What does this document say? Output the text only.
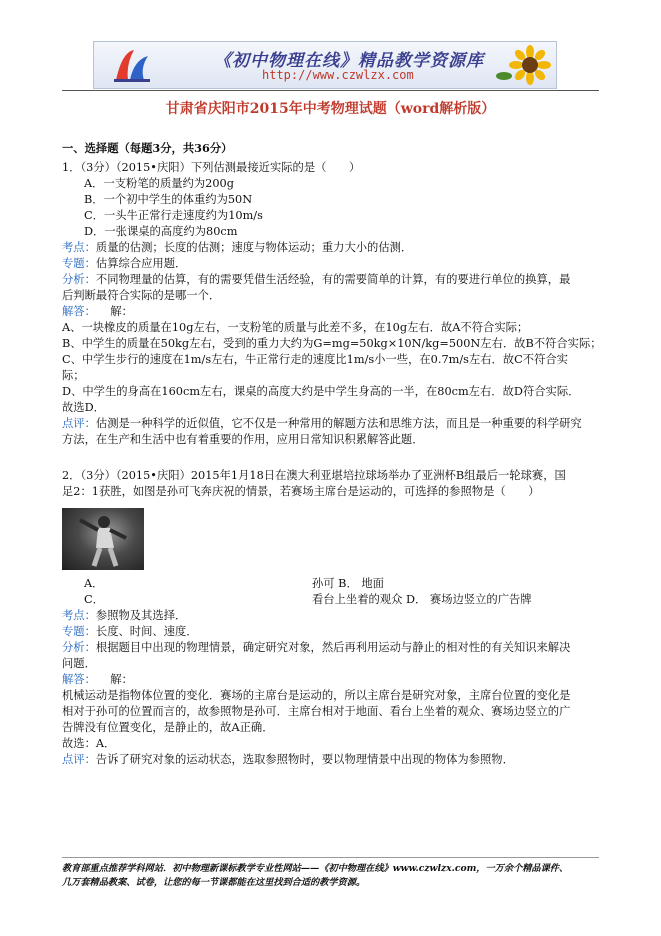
《初中物理在线》精品教学资源库
http://www.czwlzx.com
甘肃省庆阳市2015年中考物理试题（word解析版）
一、选择题（每题3分，共36分）
1．（3分）（2015•庆阳）下列估测最接近实际的是（　　）
A．一支粉笔的质量约为200g
B．一个初中学生的体重约为50N
C．一头牛正常行走速度约为10m/s
D．一张课桌的高度约为80cm
考点：质量的估测；长度的估测；速度与物体运动；重力大小的估测．
专题：估算综合应用题．
分析：不同物理量的估算，有的需要凭借生活经验，有的需要简单的计算，有的要进行单位的换算，最
后判断最符合实际的是哪一个．
解答： 解：
A、一块橡皮的质量在10g左右，一支粉笔的质量与此差不多，在10g左右．故A不符合实际；
B、中学生的质量在50kg左右，受到的重力大约为G=mg=50kg×10N/kg=500N左右．故B不符合实际；
C、中学生步行的速度在1m/s左右，牛正常行走的速度比1m/s小一些，在0.7m/s左右．故C不符合实
际；
D、中学生的身高在160cm左右，课桌的高度大约是中学生身高的一半，在80cm左右．故D符合实际．
故选D．
点评：估测是一种科学的近似值，它不仅是一种常用的解题方法和思维方法，而且是一种重要的科学研究
方法，在生产和生活中也有着重要的作用，应用日常知识积累解答此题．
2．（3分）（2015•庆阳）2015年1月18日在澳大利亚堪培拉球场举办了亚洲杯B组最后一轮球赛，国
足2：1获胜，如图是孙可飞奔庆祝的情景，若赛场主席台是运动的，可选择的参照物是（　　）
A．	孙可 B． 地面
C．	看台上坐着的观众 D． 赛场边竖立的广告牌
考点：参照物及其选择．
专题：长度、时间、速度．
分析：根据题目中出现的物理情景，确定研究对象，然后再利用运动与静止的相对性的有关知识来解决
问题．
解答： 解：
机械运动是指物体位置的变化．赛场的主席台是运动的，所以主席台是研究对象，主席台位置的变化是
相对于孙可的位置而言的，故参照物是孙可．主席台相对于地面、看台上坐着的观众、赛场边竖立的广
告牌没有位置变化，是静止的，故A正确．
故选：A．
点评：告诉了研究对象的运动状态，选取参照物时，要以物理情景中出现的物体为参照物．
教育部重点推荐学科网站．初中物理新课标教学专业性网站——《初中物理在线》www.czwlzx.com，一万余个精品课件、
几万套精品教案、试卷，让您的每一节课都能在这里找到合适的教学资源。
